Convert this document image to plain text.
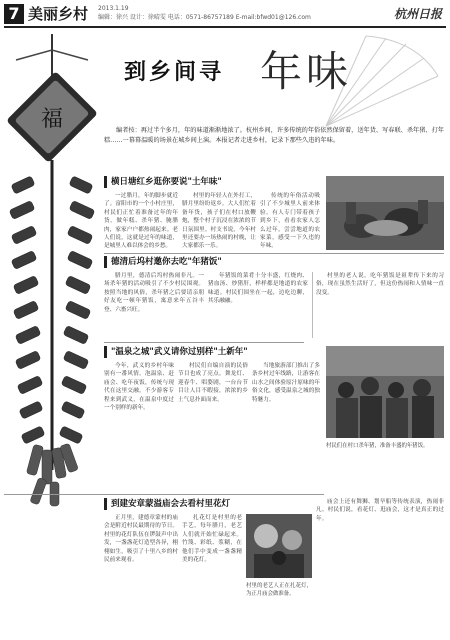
7 美丽乡村 2013.1.19
编辑：徐兴 设计：徐晴雯 电话：0571-86757189 E-mail:bfwd01@126.com	杭州日报
福
到乡间寻 年味
编者按：再过半个多月，年的味道渐渐地浓了。杭州乡间，许多传统的年俗依然保留着，送年货、写春联、杀年猪、打年糕……一幕幕温暖的场景在城乡间上演。本报记者走进乡村，记录下那些久违的年味。
横日塘红乡逛你要说"土年味"
一过腊月，年的脚步就近了。富阳市的一个小村庄里，村民们正忙着准备过年的年货。做年糕、杀年猪、腌腊肉，家家户户都热闹起来。老人们说，这就是过年的味道，是城里人难以体会的乡愁。
村里的年轻人在外打工，腊月里纷纷返乡。大人们忙着备年货，孩子们在村口放鞭炮，整个村子沉浸在浓浓的节日氛围里。村支书说，今年村里还要办一场热闹的村晚，让大家都乐一乐。
传统的年俗活动吸引了不少城里人前来体验。有人专门带着孩子到乡下，看看农家人怎么过年，尝尝地道的农家菜，感受一下久违的年味。
德清后坞村邀你去吃"年猪饭"
腊月里，德清后坞村热闹非凡。一场杀年猪的活动吸引了不少村民围观。按照当地的风俗，杀年猪之后要请亲朋好友吃一顿年猪饭，寓意来年五谷丰登、六畜兴旺。
年猪饭的菜肴十分丰盛，红烧肉、猪血汤、炒猪肝，样样都是地道的农家味道。村民们围坐在一起，边吃边聊，其乐融融。
村里的老人说，吃年猪饭是祖辈传下来的习俗，现在虽然生活好了，但这份热闹和人情味一直没变。
"温泉之城"武义请你过别样"土新年"
今年，武义的乡村年味别有一番风情。泡温泉、赶庙会、吃年夜饭，传统与现代在这里交融。不少游客专程来到武义，在温泉中度过一个别样的新年。
村民们自编自演的民俗节目也成了亮点。舞龙灯、迎春牛、唱婺剧，一台台节目让人目不暇接，浓浓的乡土气息扑面而来。
当地旅游部门推出了多条乡村过年线路，让游客在山水之间体验原汁原味的年俗文化，感受温泉之城的独特魅力。
村民们在村口杀年猪，准备丰盛的年猪饭。
到建安章蒙溢庙会去看村里花灯
正月里，建德章蒙村的庙会是附近村民最期待的节日。村里的花灯队伍在锣鼓声中出发，一盏盏花灯造型各异，栩栩如生，吸引了十里八乡的村民前来观看。
扎花灯是村里的老手艺，每年腊月，老艺人们就开始忙碌起来。竹篾、彩纸、浆糊，在他们手中变成一盏盏精美的花灯。
庙会上还有舞狮、划旱船等传统表演，热闹非凡。村民们说，看花灯、逛庙会，这才是真正的过年。
村里的老艺人正在扎花灯，为正月庙会做准备。
